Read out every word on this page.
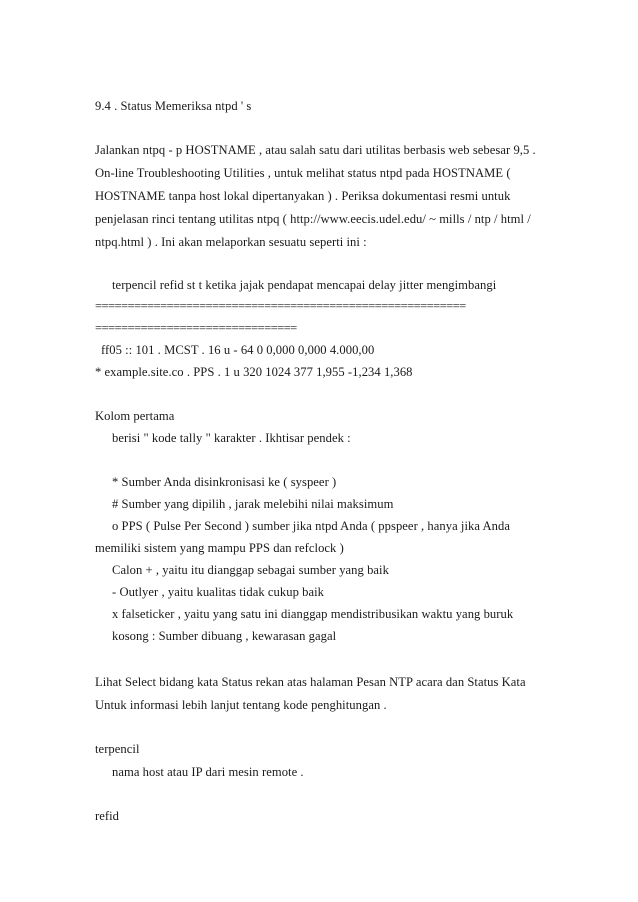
9.4 . Status Memeriksa ntpd ' s
Jalankan ntpq - p HOSTNAME , atau salah satu dari utilitas berbasis web sebesar 9,5 .
On-line Troubleshooting Utilities , untuk melihat status ntpd pada HOSTNAME (
HOSTNAME tanpa host lokal dipertanyakan ) . Periksa dokumentasi resmi untuk
penjelasan rinci tentang utilitas ntpq ( http://www.eecis.udel.edu/ ~ mills / ntp / html /
ntpq.html ) . Ini akan melaporkan sesuatu seperti ini :
terpencil refid st t ketika jajak pendapat mencapai delay jitter mengimbangi
=========================================================
===============================
ff05 :: 101 . MCST . 16 u - 64 0 0,000 0,000 4.000,00
* example.site.co . PPS . 1 u 320 1024 377 1,955 -1,234 1,368
Kolom pertama
berisi " kode tally " karakter . Ikhtisar pendek :
* Sumber Anda disinkronisasi ke ( syspeer )
# Sumber yang dipilih , jarak melebihi nilai maksimum
o PPS ( Pulse Per Second ) sumber jika ntpd Anda ( ppspeer , hanya jika Anda
memiliki sistem yang mampu PPS dan refclock )
Calon + , yaitu itu dianggap sebagai sumber yang baik
- Outlyer , yaitu kualitas tidak cukup baik
x falseticker , yaitu yang satu ini dianggap mendistribusikan waktu yang buruk
kosong : Sumber dibuang , kewarasan gagal
Lihat Select bidang kata Status rekan atas halaman Pesan NTP acara dan Status Kata
Untuk informasi lebih lanjut tentang kode penghitungan .
terpencil
nama host atau IP dari mesin remote .
refid
